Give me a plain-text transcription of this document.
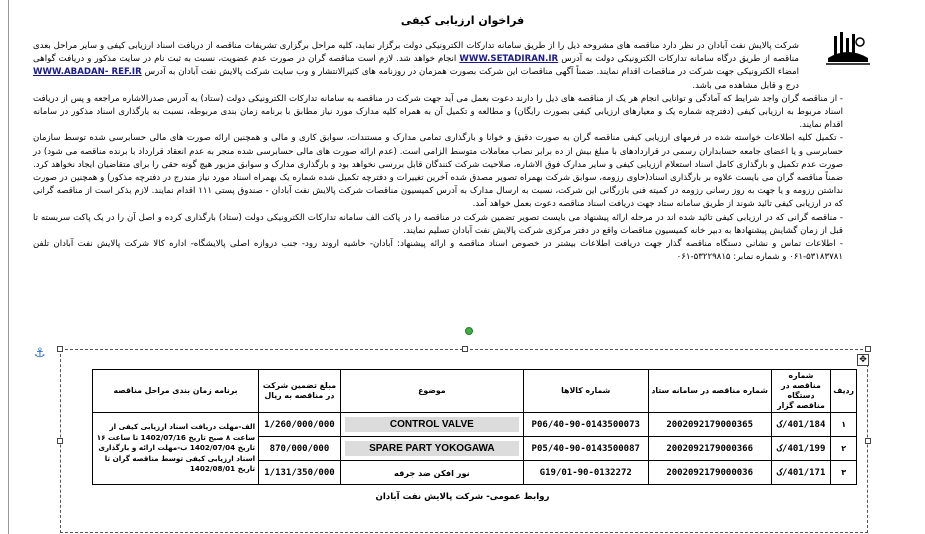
فراخوان ارزیابی کیفی

شرکت پالایش نفت آبادان در نظر دارد مناقصه های مشروحه ذیل را از طریق سامانه تدارکات الکترونیکی دولت برگزار نماید، کلیه مراحل برگزاری تشریفات مناقصه از دریافت اسناد ارزیابی کیفی و سایر مراحل بعدی مناقصه از طریق درگاه سامانه تدارکات الکترونیکی دولت به آدرس WWW.SETADIRAN.IR انجام خواهد شد. لازم است مناقصه گران در صورت عدم عضویت، نسبت به ثبت نام در سایت مذکور و دریافت گواهی امضاء الکترونیکی جهت شرکت در مناقصات اقدام نمایند. ضمناً آگهی مناقصات این شرکت بصورت همزمان در روزنامه های کثیرالانتشار و وب سایت شرکت پالایش نفت آبادان به آدرس WWW.ABADAN- REF.IR درج و قابل مشاهده می باشد.

- از مناقصه گران واجد شرایط که آمادگی و توانایی انجام هر یک از مناقصه های ذیل را دارند دعوت بعمل می آید جهت شرکت در مناقصه به سامانه تدارکات الکترونیکی دولت (ستاد) به آدرس صدرالاشاره مراجعه و پس از دریافت اسناد مربوط به ارزیابی کیفی (دفترچه شماره یک و معیارهای ارزیابی کیفی بصورت رایگان) و مطالعه و تکمیل آن به همراه کلیه مدارک مورد نیاز مطابق با برنامه زمان بندی مربوطه، نسبت به بارگذاری اسناد مذکور در سامانه اقدام نمایند.

- تکمیل کلیه اطلاعات خواسته شده در فرمهای ارزیابی کیفی مناقصه گران به صورت دقیق و خوانا و بارگذاری تمامی مدارک و مستندات، سوابق کاری و مالی و همچنین ارائه صورت های مالی حسابرسی شده توسط سازمان حسابرسی و یا اعضای جامعه حسابداران رسمی در قراردادهای با مبلغ بیش از ده برابر نصاب معاملات متوسط الزامی است. (عدم ارائه صورت های مالی حسابرسی شده منجر به عدم انعقاد قرارداد با برنده مناقصه می شود) در صورت عدم تکمیل و بارگذاری کامل اسناد استعلام ارزیابی کیفی و سایر مدارک فوق الاشاره، صلاحیت شرکت کنندگان قابل بررسی نخواهد بود و بارگذاری مدارک و سوابق مزبور هیچ گونه حقی را برای متقاضیان ایجاد نخواهد کرد. ضمناً مناقصه گران می بایست علاوه بر بارگذاری اسناد(حاوی رزومه، سوابق شرکت بهمراه تصویر مصدق شده آخرین تغییرات و دفترچه تکمیل شده شماره یک بهمراه اسناد مورد نیاز مندرج در دفترچه مذکور) و همچنین در صورت نداشتن رزومه و یا جهت به روز رسانی رزومه در کمیته فنی بازرگانی این شرکت، نسبت به ارسال مدارک به آدرس کمیسیون مناقصات شرکت پالایش نفت آبادان - صندوق پستی ۱۱۱ اقدام نمایند. لازم بذکر است از مناقصه گرانی که در ارزیابی کیفی تائید شوند از طریق سامانه ستاد جهت دریافت اسناد مناقصه دعوت بعمل خواهد آمد.

- مناقصه گرانی که در ارزیابی کیفی تائید شده اند در مرحله ارائه پیشنهاد می بایست تصویر تضمین شرکت در مناقصه را در پاکت الف سامانه تدارکات الکترونیکی دولت (ستاد) بارگذاری کرده و اصل آن را در یک پاکت سربسته تا قبل از زمان گشایش پیشنهادها به دبیر خانه کمیسیون مناقصات واقع در دفتر مرکزی شرکت پالایش نفت آبادان تسلیم نمایند.

- اطلاعات تماس و نشانی دستگاه مناقصه گذار جهت دریافت اطلاعات بیشتر در خصوص اسناد مناقصه و ارائه پیشنهاد: آبادان- حاشیه اروند رود- جنب دروازه اصلی پالایشگاه- اداره کالا شرکت پالایش نفت آبادان تلفن ۵۳۱۸۳۷۸۱-۰۶۱ و شماره نمابر: ۵۳۲۲۹۸۱۵-۰۶۱

⚓	✥
ردیف	شماره مناقصه در دستگاه مناقصه گزار	شماره مناقصه در سامانه ستاد	شماره کالاها	موضوع	مبلغ تضمین شرکت در مناقصه به ریال	برنامه زمان بندی مراحل مناقصه
۱	401/184/ک	2002092179000365	40-90-0143500073/P06	CONTROL VALVE	1/260/000/000	الف-مهلت دریافت اسناد ارزیابی کیفی از ساعت ۸ صبح تاریخ 1402/07/16 تا ساعت ۱۶ تاریخ 1402/07/04 ب-مهلت ارائه و بارگذاری اسناد ارزیابی کیفی توسط مناقصه گران تا تاریخ 1402/08/01
۲	401/199/ک	2002092179000366	40-90-0143500087/P05	SPARE PART YOKOGAWA	870/000/000	
۳	401/171/ک	2002092179000036	01-90-0132272/G19	نور افکن ضد جرقه	1/131/350/000	
روابط عمومی- شرکت پالایش نفت آبادان
